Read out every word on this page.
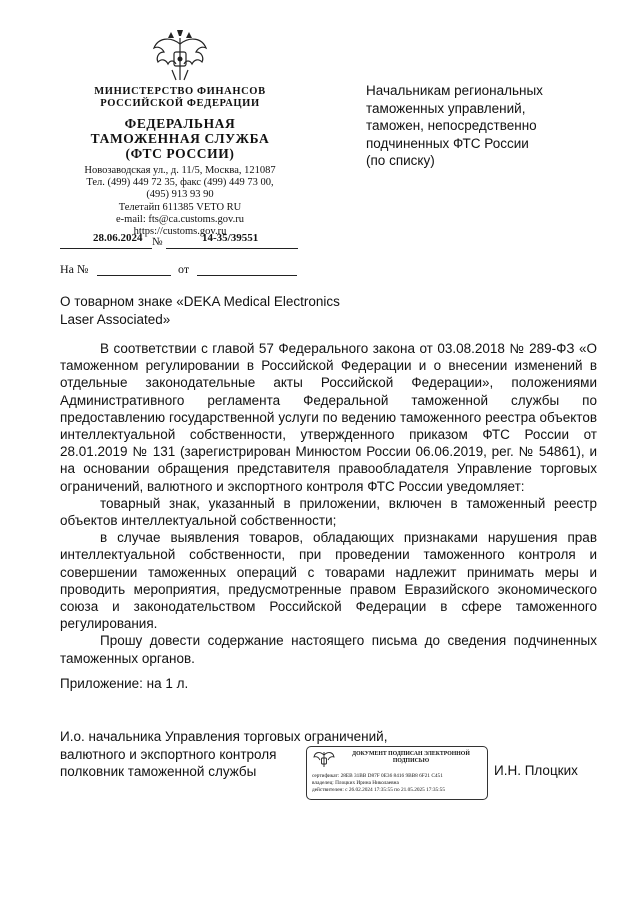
МИНИСТЕРСТВО ФИНАНСОВ
РОССИЙСКОЙ ФЕДЕРАЦИИ
ФЕДЕРАЛЬНАЯ
ТАМОЖЕННАЯ СЛУЖБА
(ФТС РОССИИ)
Новозаводская ул., д. 11/5, Москва, 121087
Тел. (499) 449 72 35, факс (499) 449 73 00,
(495) 913 93 90
Телетайп 611385 VETO RU
e-mail: fts@ca.customs.gov.ru
https://customs.gov.ru
28.06.2024 №	14-35/39551
На №	от
Начальникам региональных
таможенных управлений,
таможен, непосредственно
подчиненных ФТС России
(по списку)
О товарном знаке «DEKA Medical Electronics Laser Associated»

В соответствии с главой 57 Федерального закона от 03.08.2018 № 289-ФЗ «О таможенном регулировании в Российской Федерации и о внесении изменений в отдельные законодательные акты Российской Федерации», положениями Административного регламента Федеральной таможенной службы по предоставлению государственной услуги по ведению таможенного реестра объектов интеллектуальной собственности, утвержденного приказом ФТС России от 28.01.2019 № 131 (зарегистрирован Минюстом России 06.06.2019, рег. № 54861), и на основании обращения представителя правообладателя Управление торговых ограничений, валютного и экспортного контроля ФТС России уведомляет:

товарный знак, указанный в приложении, включен в таможенный реестр объектов интеллектуальной собственности;

в случае выявления товаров, обладающих признаками нарушения прав интеллектуальной собственности, при проведении таможенного контроля и совершении таможенных операций с товарами надлежит принимать меры и проводить мероприятия, предусмотренные правом Евразийского экономического союза и законодательством Российской Федерации в сфере таможенного регулирования.

Прошу довести содержание настоящего письма до сведения подчиненных таможенных органов.

Приложение: на 1 л.
И.о. начальника Управления торговых ограничений,
валютного и экспортного контроля
полковник таможенной службы
ДОКУМЕНТ ПОДПИСАН ЭЛЕКТРОННОЙ
ПОДПИСЬЮ
сертификат: 28ЕВ 31ВВ D87F 0Е36 8416 9BB8 6F21 C451
владелец: Плоцких Ирина Николаевна
действителен: с 26.02.2024 17:35:55 по 21.05.2025 17:35:55
И.Н. Плоцких
